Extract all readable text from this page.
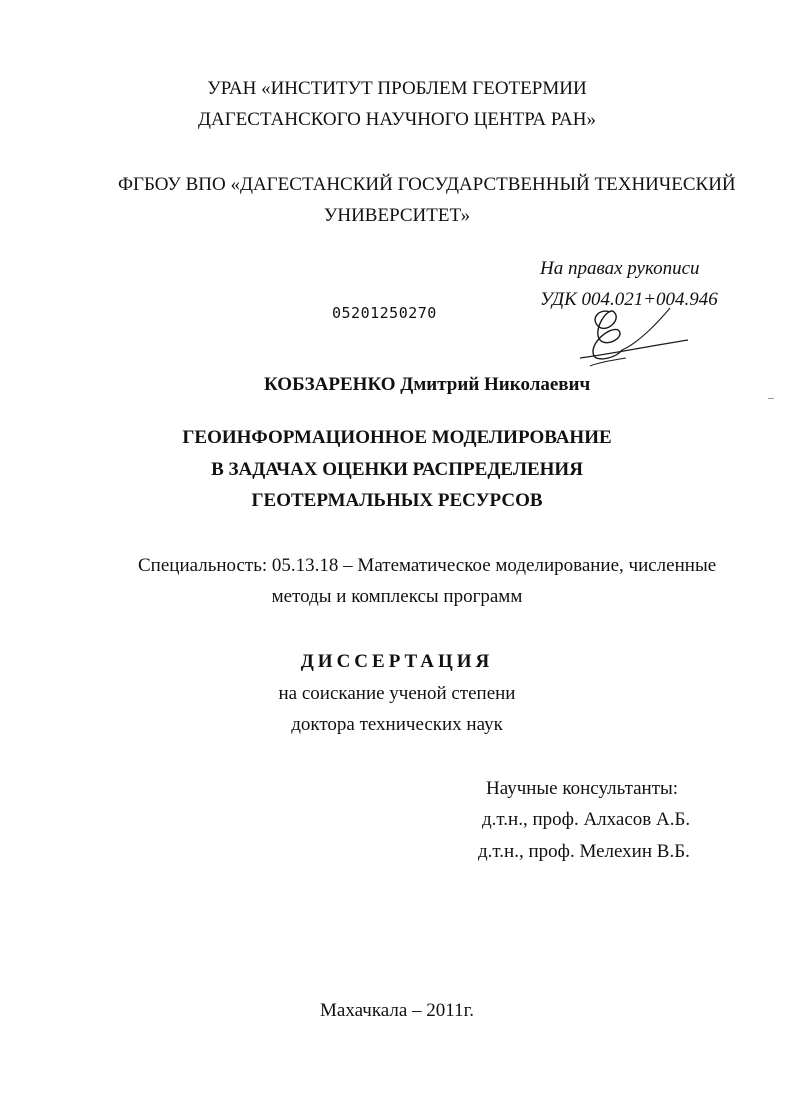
УРАН «ИНСТИТУТ ПРОБЛЕМ ГЕОТЕРМИИ
ДАГЕСТАНСКОГО НАУЧНОГО ЦЕНТРА РАН»
ФГБОУ ВПО «ДАГЕСТАНСКИЙ ГОСУДАРСТВЕННЫЙ ТЕХНИЧЕСКИЙ
УНИВЕРСИТЕТ»
На правах рукописи
УДК 004.021+004.946
05201250270
КОБЗАРЕНКО Дмитрий Николаевич
ГЕОИНФОРМАЦИОННОЕ МОДЕЛИРОВАНИЕ
В ЗАДАЧАХ ОЦЕНКИ РАСПРЕДЕЛЕНИЯ
ГЕОТЕРМАЛЬНЫХ РЕСУРСОВ
Специальность: 05.13.18 – Математическое моделирование, численные
методы и комплексы программ
ДИССЕРТАЦИЯ
на соискание ученой степени
доктора технических наук
Научные консультанты:
д.т.н., проф. Алхасов А.Б.
д.т.н., проф. Мелехин В.Б.
Махачкала – 2011г.
